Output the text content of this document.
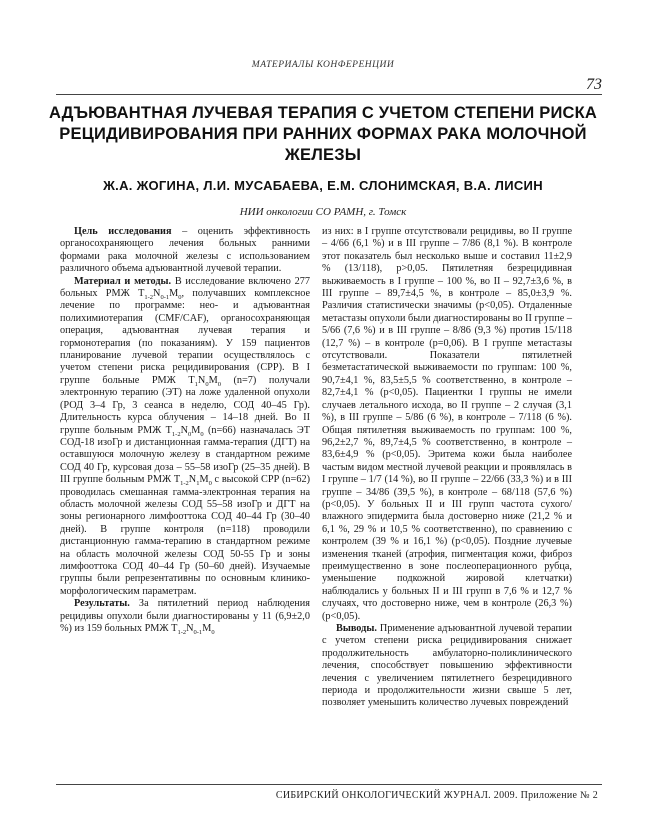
МАТЕРИАЛЫ КОНФЕРЕНЦИИ
73
АДЪЮВАНТНАЯ ЛУЧЕВАЯ ТЕРАПИЯ С УЧЕТОМ СТЕПЕНИ РИСКА РЕЦИДИВИРОВАНИЯ ПРИ РАННИХ ФОРМАХ РАКА МОЛОЧНОЙ ЖЕЛЕЗЫ
Ж.А. ЖОГИНА, Л.И. МУСАБАЕВА, Е.М. СЛОНИМСКАЯ, В.А. ЛИСИН
НИИ онкологии СО РАМН, г. Томск

Цель исследования – оценить эффективность органосохраняющего лечения больных ранними формами рака молочной железы с использованием различного объема адъювантной лучевой терапии.

Материал и методы. В исследование включено 277 больных РМЖ $T_{1-2}N_{0-1}M_0$, получавших комплексное лечение по программе: нео- и адъювантная полихимиотерапия (CMF/CAF), органосохраняющая операция, адъювантная лучевая терапия и гормонотерапия (по показаниям). У 159 пациентов планирование лучевой терапии осуществлялось с учетом степени риска рецидивирования (СРР). В I группе больные РМЖ $T_1N_0M_0$ (n=7) получали электронную терапию (ЭТ) на ложе удаленной опухоли (РОД 3–4 Гр, 3 сеанса в неделю, СОД 40–45 Гр). Длительность курса облучения – 14–18 дней. Во II группе больным РМЖ $T_{1-2}N_0M_0$ (n=66) назначалась ЭТ СОД-18 изоГр и дистанционная гамма-терапия (ДГТ) на оставшуюся молочную железу в стандартном режиме СОД 40 Гр, курсовая доза – 55–58 изоГр (25–35 дней). В III группе больным РМЖ $T_{1-2}N_1M_0$ с высокой СРР (n=62) проводилась смешанная гамма-электронная терапия на область молочной железы СОД 55–58 изоГр и ДГТ на зоны регионарного лимфооттока СОД 40–44 Гр (30–40 дней). В группе контроля (n=118) проводили дистанционную гамма-терапию в стандартном режиме на область молочной железы СОД 50-55 Гр и зоны лимфооттока СОД 40–44 Гр (50–60 дней). Изучаемые группы были репрезентативны по основным клинико-морфологическим параметрам.

Результаты. За пятилетний период наблюдения рецидивы опухоли были диагностированы у 11 (6,9±2,0 %) из 159 больных РМЖ $T_{1-2}N_{0-1}M_0$

из них: в I группе отсутствовали рецидивы, во II группе – 4/66 (6,1 %) и в III группе – 7/86 (8,1 %). В контроле этот показатель был несколько выше и составил 11±2,9 % (13/118), р>0,05. Пятилетняя безрецидивная выживаемость в I группе – 100 %, во II – 92,7±3,6 %, в III группе – 89,7±4,5 %, в контроле – 85,0±3,9 %. Различия статистически значимы (p<0,05). Отдаленные метастазы опухоли были диагностированы во II группе – 5/66 (7,6 %) и в III группе – 8/86 (9,3 %) против 15/118 (12,7 %) – в контроле (р=0,06). В I группе метастазы отсутствовали. Показатели пятилетней безметастатической выживаемости по группам: 100 %, 90,7±4,1 %, 83,5±5,5 % соответственно, в контроле – 82,7±4,1 % (р<0,05). Пациентки I группы не имели случаев летального исхода, во II группе – 2 случая (3,1 %), в III группе – 5/86 (6 %), в контроле – 7/118 (6 %). Общая пятилетняя выживаемость по группам: 100 %, 96,2±2,7 %, 89,7±4,5 % соответственно, в контроле – 83,6±4,9 % (р<0,05). Эритема кожи была наиболее частым видом местной лучевой реакции и проявлялась в I группе – 1/7 (14 %), во II группе – 22/66 (33,3 %) и в III группе – 34/86 (39,5 %), в контроле – 68/118 (57,6 %) (р<0,05). У больных II и III групп частота сухого/влажного эпидермита была достоверно ниже (21,2 % и 6,1 %, 29 % и 10,5 % соответственно), по сравнению с контролем (39 % и 16,1 %) (р<0,05). Поздние лучевые изменения тканей (атрофия, пигментация кожи, фиброз преимущественно в зоне послеоперационного рубца, уменьшение подкожной жировой клетчатки) наблюдались у больных II и III групп в 7,6 % и 12,7 % случаях, что достоверно ниже, чем в контроле (26,3 %) (р<0,05).

Выводы. Применение адъювантной лучевой терапии с учетом степени риска рецидивирования снижает продолжительность амбулаторно-поликлинического лечения, способствует повышению эффективности лечения с увеличением пятилетнего безрецидивного периода и продолжительности жизни свыше 5 лет, позволяет уменьшить количество лучевых повреждений

СИБИРСКИЙ ОНКОЛОГИЧЕСКИЙ ЖУРНАЛ. 2009. Приложение № 2
